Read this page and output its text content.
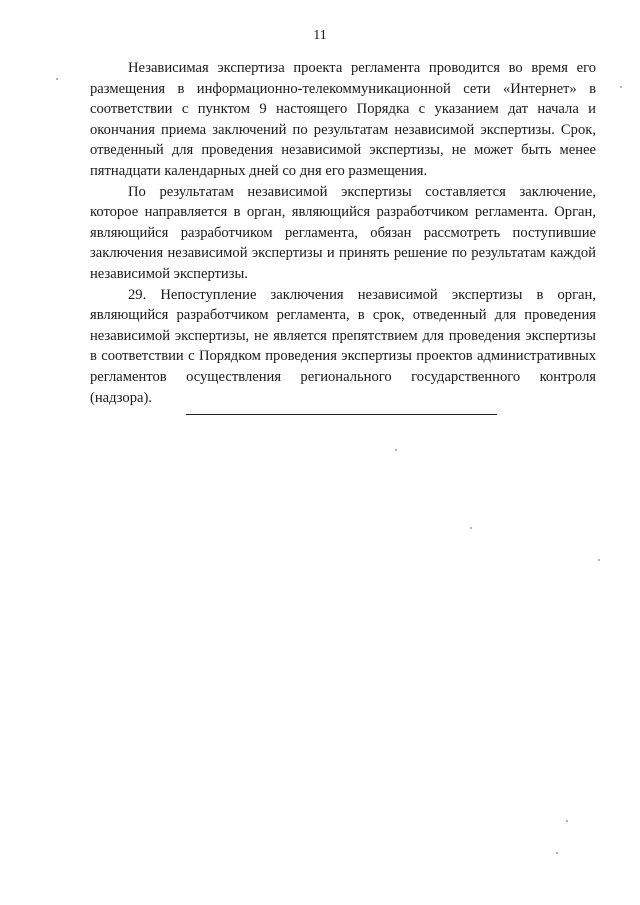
11

Независимая экспертиза проекта регламента проводится во время его размещения в информационно-телекоммуникационной сети «Интернет» в соответствии с пунктом 9 настоящего Порядка с указанием дат начала и окончания приема заключений по результатам независимой экспертизы. Срок, отведенный для проведения независимой экспертизы, не может быть менее пятнадцати календарных дней со дня его размещения.

По результатам независимой экспертизы составляется заключение, которое направляется в орган, являющийся разработчиком регламента. Орган, являющийся разработчиком регламента, обязан рассмотреть поступившие заключения независимой экспертизы и принять решение по результатам каждой независимой экспертизы.

29. Непоступление заключения независимой экспертизы в орган, являющийся разработчиком регламента, в срок, отведенный для проведения независимой экспертизы, не является препятствием для проведения экспертизы в соответствии с Порядком проведения экспертизы проектов административных регламентов осуществления регионального государственного контроля (надзора).
